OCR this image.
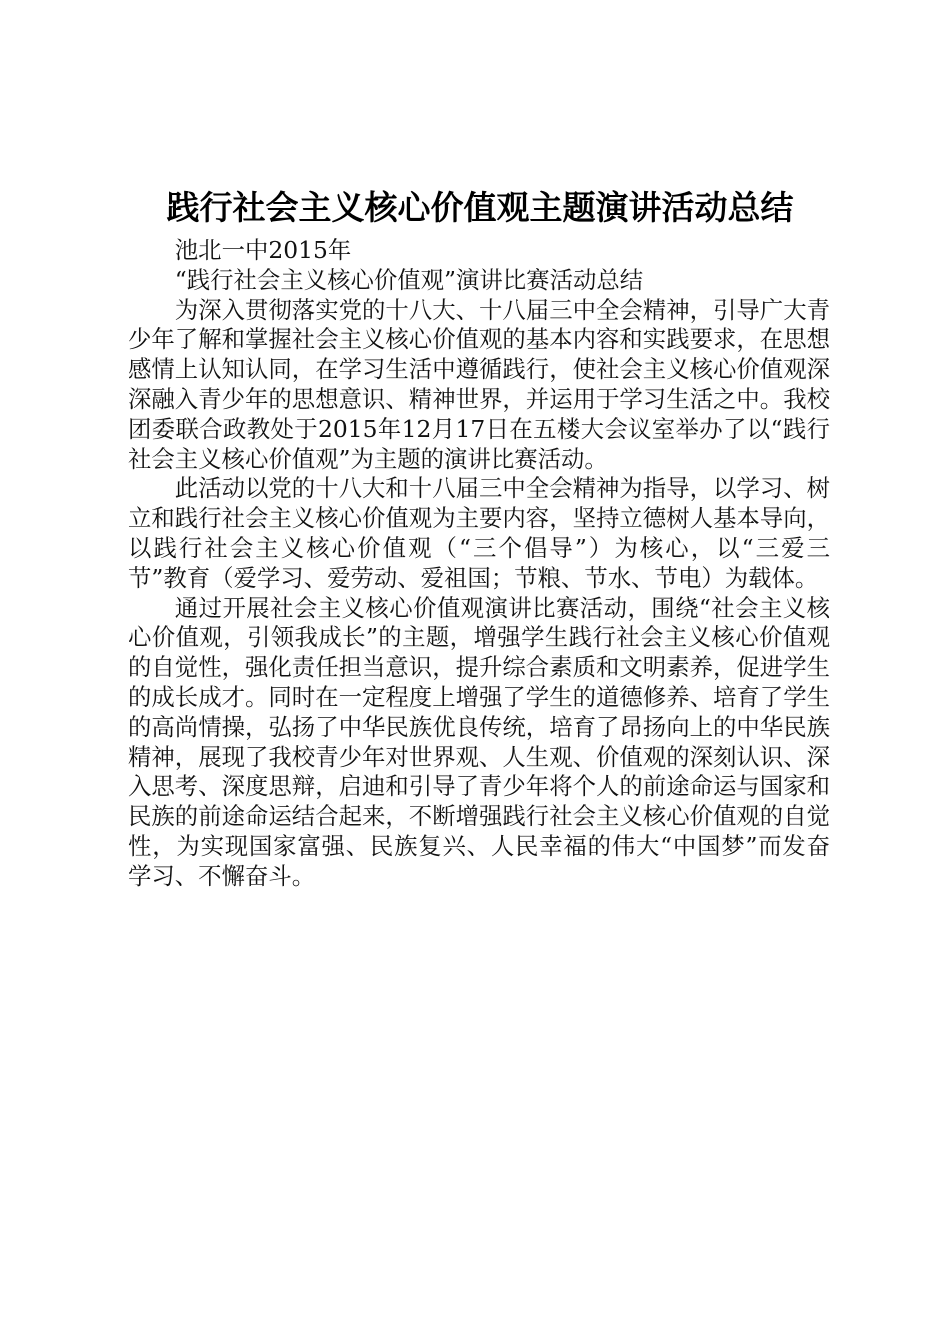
践行社会主义核心价值观主题演讲活动总结

池北一中2015年

“践行社会主义核心价值观”演讲比赛活动总结

为深入贯彻落实党的十八大、十八届三中全会精神，引导广大青少年了解和掌握社会主义核心价值观的基本内容和实践要求，在思想感情上认知认同，在学习生活中遵循践行，使社会主义核心价值观深深融入青少年的思想意识、精神世界，并运用于学习生活之中。我校团委联合政教处于2015年12月17日在五楼大会议室举办了以“践行社会主义核心价值观”为主题的演讲比赛活动。

此活动以党的十八大和十八届三中全会精神为指导，以学习、树立和践行社会主义核心价值观为主要内容，坚持立德树人基本导向，以践行社会主义核心价值观（“三个倡导”）为核心，以“三爱三节”教育（爱学习、爱劳动、爱祖国；节粮、节水、节电）为载体。

通过开展社会主义核心价值观演讲比赛活动，围绕“社会主义核心价值观，引领我成长”的主题，增强学生践行社会主义核心价值观的自觉性，强化责任担当意识，提升综合素质和文明素养，促进学生的成长成才。同时在一定程度上增强了学生的道德修养、培育了学生的高尚情操，弘扬了中华民族优良传统，培育了昂扬向上的中华民族精神，展现了我校青少年对世界观、人生观、价值观的深刻认识、深入思考、深度思辩，启迪和引导了青少年将个人的前途命运与国家和民族的前途命运结合起来，不断增强践行社会主义核心价值观的自觉性，为实现国家富强、民族复兴、人民幸福的伟大“中国梦”而发奋学习、不懈奋斗。
